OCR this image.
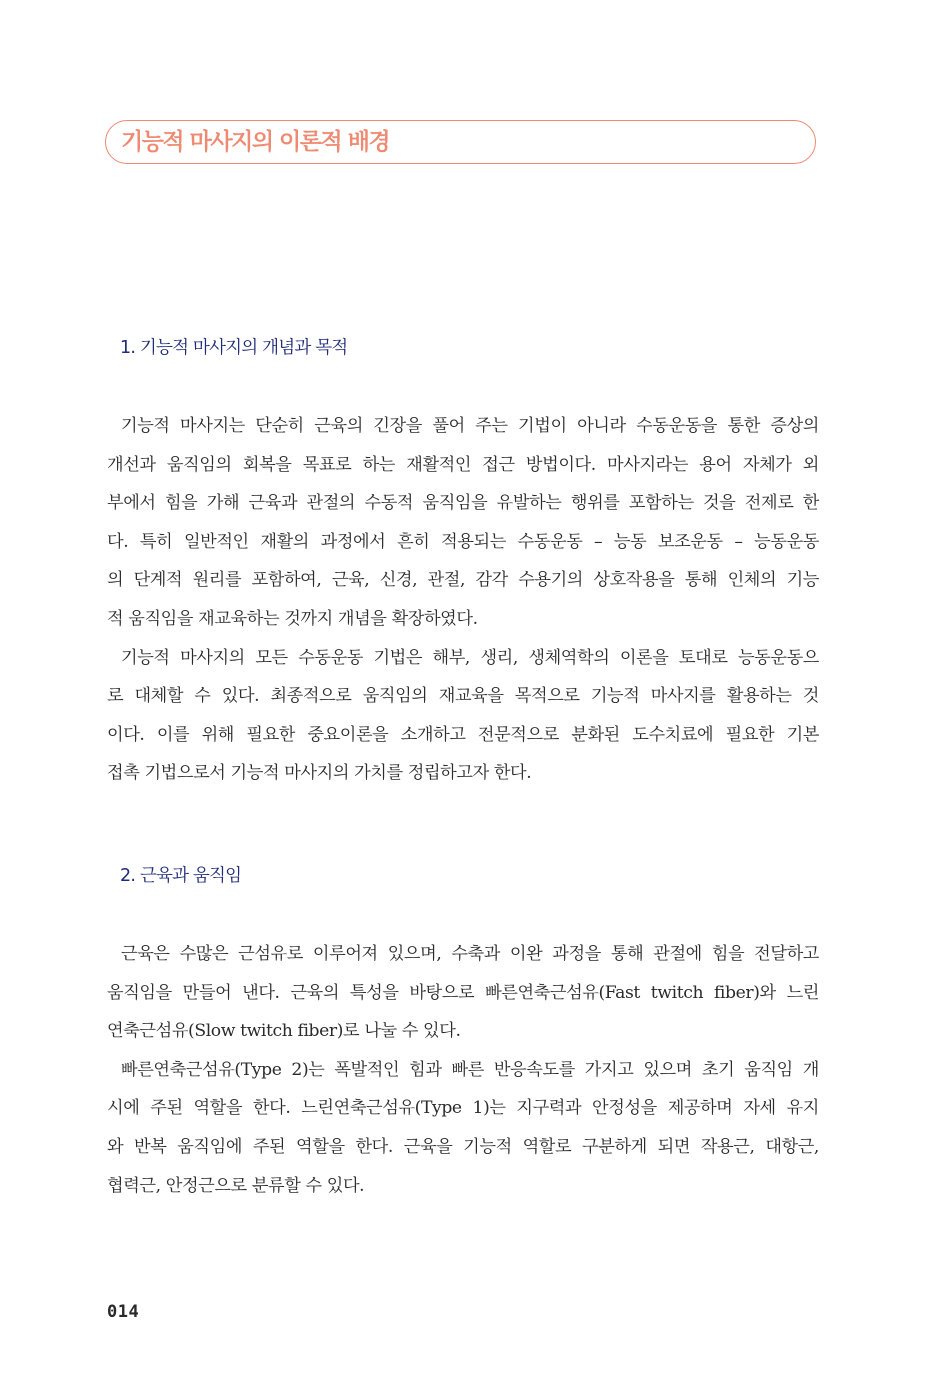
기능적 마사지의 이론적 배경
1. 기능적 마사지의 개념과 목적
기능적 마사지는 단순히 근육의 긴장을 풀어 주는 기법이 아니라 수동운동을 통한 증상의
개선과 움직임의 회복을 목표로 하는 재활적인 접근 방법이다. 마사지라는 용어 자체가 외
부에서 힘을 가해 근육과 관절의 수동적 움직임을 유발하는 행위를 포함하는 것을 전제로 한
다. 특히 일반적인 재활의 과정에서 흔히 적용되는 수동운동 – 능동 보조운동 – 능동운동
의 단계적 원리를 포함하여, 근육, 신경, 관절, 감각 수용기의 상호작용을 통해 인체의 기능
적 움직임을 재교육하는 것까지 개념을 확장하였다.
기능적 마사지의 모든 수동운동 기법은 해부, 생리, 생체역학의 이론을 토대로 능동운동으
로 대체할 수 있다. 최종적으로 움직임의 재교육을 목적으로 기능적 마사지를 활용하는 것
이다. 이를 위해 필요한 중요이론을 소개하고 전문적으로 분화된 도수치료에 필요한 기본
접촉 기법으로서 기능적 마사지의 가치를 정립하고자 한다.
2. 근육과 움직임
근육은 수많은 근섬유로 이루어져 있으며, 수축과 이완 과정을 통해 관절에 힘을 전달하고
움직임을 만들어 낸다. 근육의 특성을 바탕으로 빠른연축근섬유(Fast twitch fiber)와 느린
연축근섬유(Slow twitch fiber)로 나눌 수 있다.
빠른연축근섬유(Type 2)는 폭발적인 힘과 빠른 반응속도를 가지고 있으며 초기 움직임 개
시에 주된 역할을 한다. 느린연축근섬유(Type 1)는 지구력과 안정성을 제공하며 자세 유지
와 반복 움직임에 주된 역할을 한다. 근육을 기능적 역할로 구분하게 되면 작용근, 대항근,
협력근, 안정근으로 분류할 수 있다.
014
